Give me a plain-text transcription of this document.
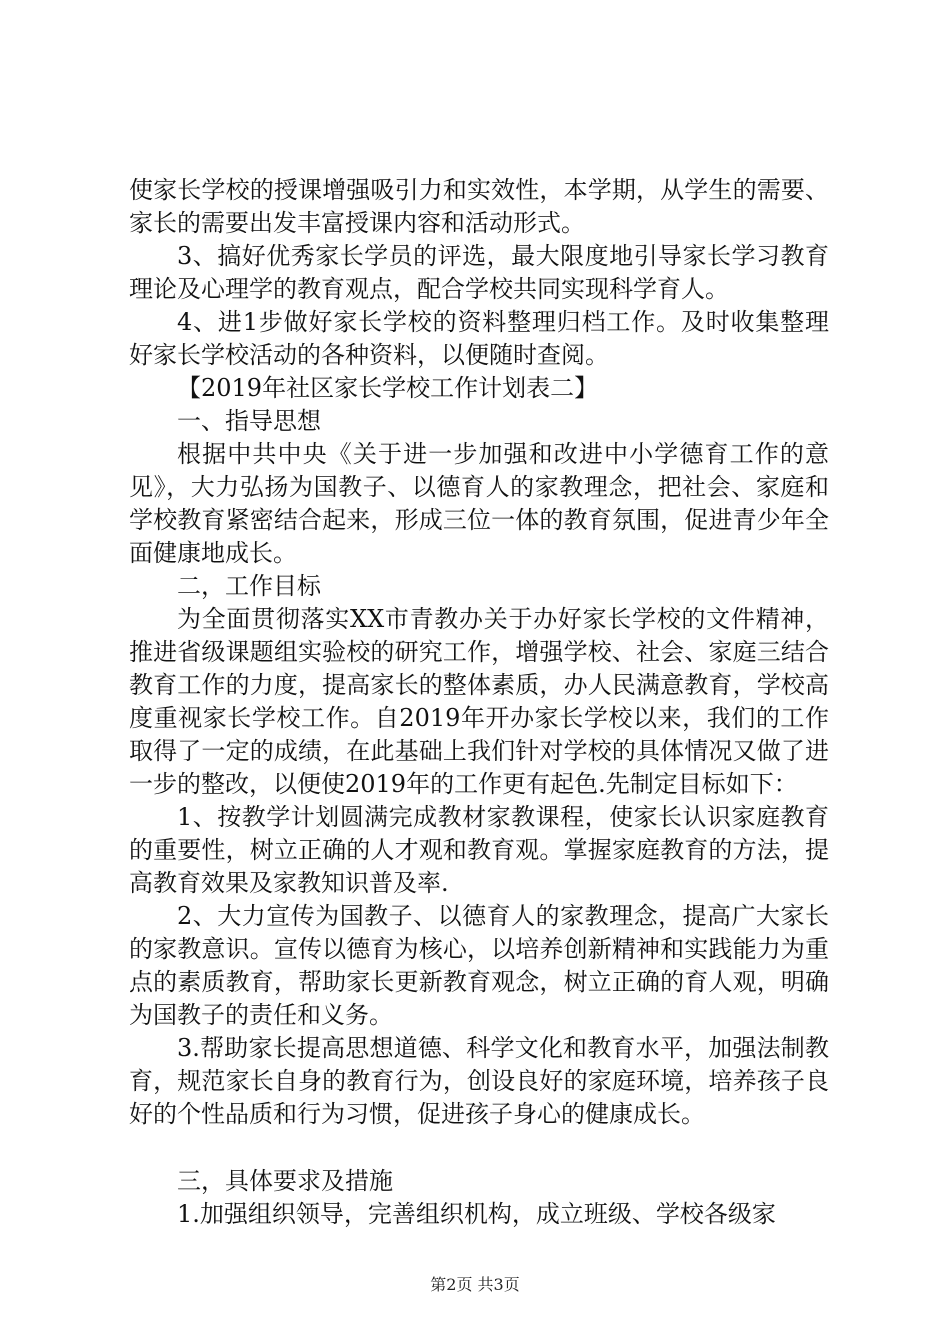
使家长学校的授课增强吸引力和实效性，本学期，从学生的需要、家长的需要出发丰富授课内容和活动形式。

3、搞好优秀家长学员的评选，最大限度地引导家长学习教育理论及心理学的教育观点，配合学校共同实现科学育人。

4、进1步做好家长学校的资料整理归档工作。及时收集整理好家长学校活动的各种资料，以便随时查阅。

【2019年社区家长学校工作计划表二】

一、指导思想

根据中共中央《关于进一步加强和改进中小学德育工作的意见》，大力弘扬为国教子、以德育人的家教理念，把社会、家庭和学校教育紧密结合起来，形成三位一体的教育氛围，促进青少年全面健康地成长。

二，工作目标

为全面贯彻落实XX市青教办关于办好家长学校的文件精神，推进省级课题组实验校的研究工作，增强学校、社会、家庭三结合教育工作的力度，提高家长的整体素质，办人民满意教育，学校高度重视家长学校工作。自2019年开办家长学校以来，我们的工作取得了一定的成绩，在此基础上我们针对学校的具体情况又做了进一步的整改，以便使2019年的工作更有起色.先制定目标如下：

1、按教学计划圆满完成教材家教课程，使家长认识家庭教育的重要性，树立正确的人才观和教育观。掌握家庭教育的方法，提高教育效果及家教知识普及率.

2、大力宣传为国教子、以德育人的家教理念，提高广大家长的家教意识。宣传以德育为核心，以培养创新精神和实践能力为重点的素质教育，帮助家长更新教育观念，树立正确的育人观，明确为国教子的责任和义务。

3.帮助家长提高思想道德、科学文化和教育水平，加强法制教育，规范家长自身的教育行为，创设良好的家庭环境，培养孩子良好的个性品质和行为习惯，促进孩子身心的健康成长。

三，具体要求及措施

1.加强组织领导，完善组织机构，成立班级、学校各级家

第2页 共3页
